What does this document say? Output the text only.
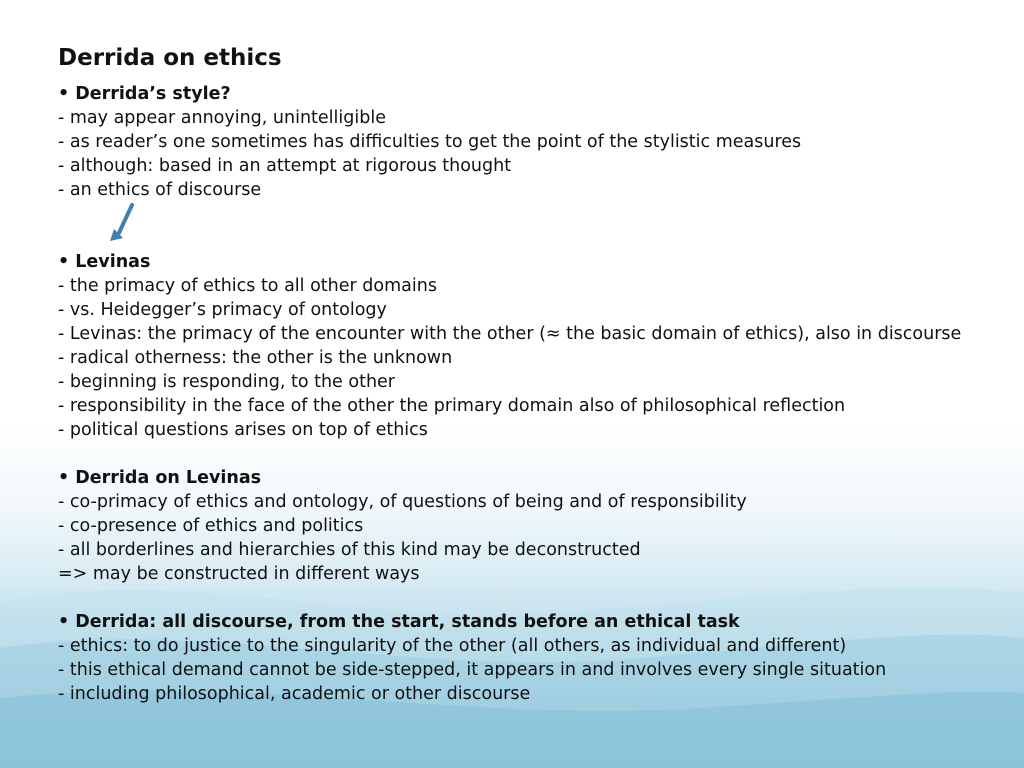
Derrida on ethics

• Derrida’s style?

- may appear annoying, unintelligible

- as reader’s one sometimes has difficulties to get the point of the stylistic measures

- although: based in an attempt at rigorous thought

- an ethics of discourse

• Levinas

- the primacy of ethics to all other domains

- vs. Heidegger’s primacy of ontology

- Levinas: the primacy of the encounter with the other (≈ the basic domain of ethics), also in discourse

- radical otherness: the other is the unknown

- beginning is responding, to the other

- responsibility in the face of the other the primary domain also of philosophical reflection

- political questions arises on top of ethics

• Derrida on Levinas

- co-primacy of ethics and ontology, of questions of being and of responsibility

- co-presence of ethics and politics

- all borderlines and hierarchies of this kind may be deconstructed

=> may be constructed in different ways

• Derrida: all discourse, from the start, stands before an ethical task

- ethics: to do justice to the singularity of the other (all others, as individual and different)

- this ethical demand cannot be side-stepped, it appears in and involves every single situation

- including philosophical, academic or other discourse
